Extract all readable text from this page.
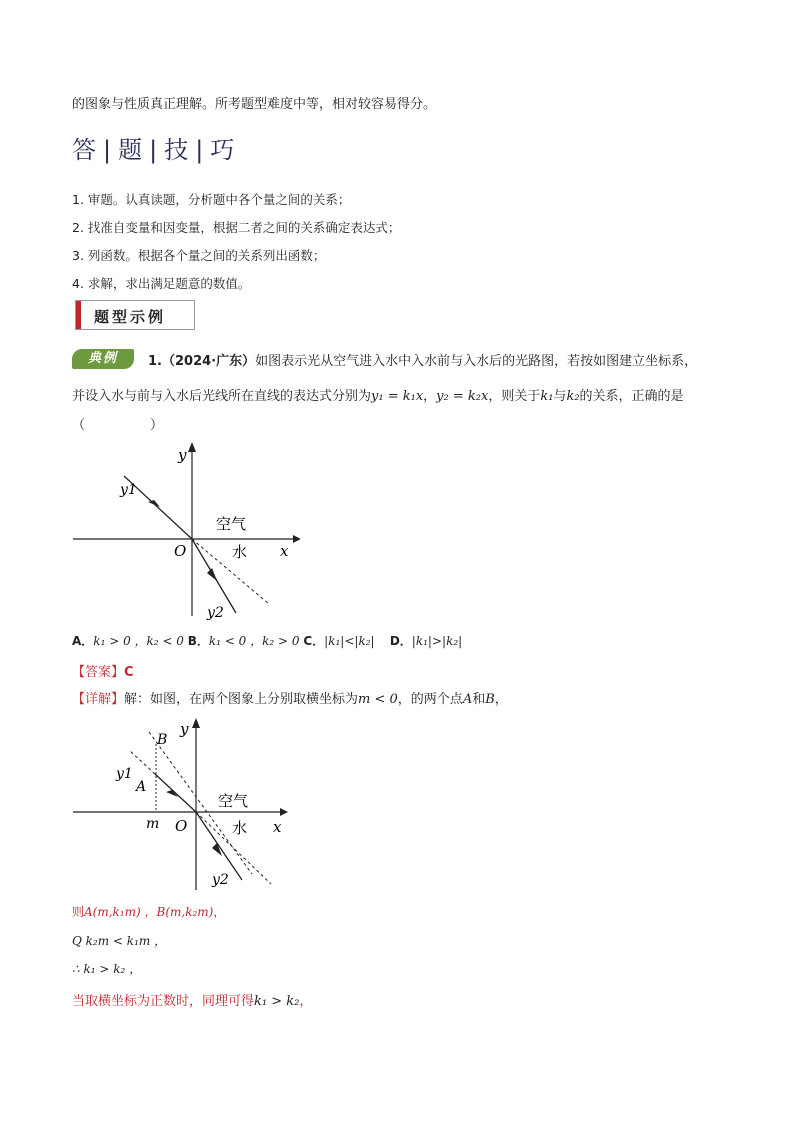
的图象与性质真正理解。所考题型难度中等，相对较容易得分。
答 | 题 | 技 | 巧
1. 审题。认真读题，分析题中各个量之间的关系；
2. 找准自变量和因变量，根据二者之间的关系确定表达式；
3. 列函数。根据各个量之间的关系列出函数；
4. 求解，求出满足题意的数值。
题型示例
典例	1.（2024·广东）如图表示光从空气进入水中入水前与入水后的光路图，若按如图建立坐标系，
并设入水与前与入水后光线所在直线的表达式分别为y₁ = k₁x，y₂ = k₂x，则关于k₁与k₂的关系，正确的是
（　　　　　）
y
x
O
y1
y2
空气
水
A．k₁ > 0 ，k₂ < 0 B．k₁ < 0 ，k₂ > 0 C．|k₁|<|k₂| D．|k₁|>|k₂|
【答案】C
【详解】解：如图，在两个图象上分别取横坐标为m < 0，的两个点A和B，
y
x
O
y1
y2
空气
水
A
B
m
则A(m,k₁m) ，B(m,k₂m)，
Q k₂m < k₁m ，
∴ k₁ > k₂ ，
当取横坐标为正数时，同理可得k₁ > k₂，
